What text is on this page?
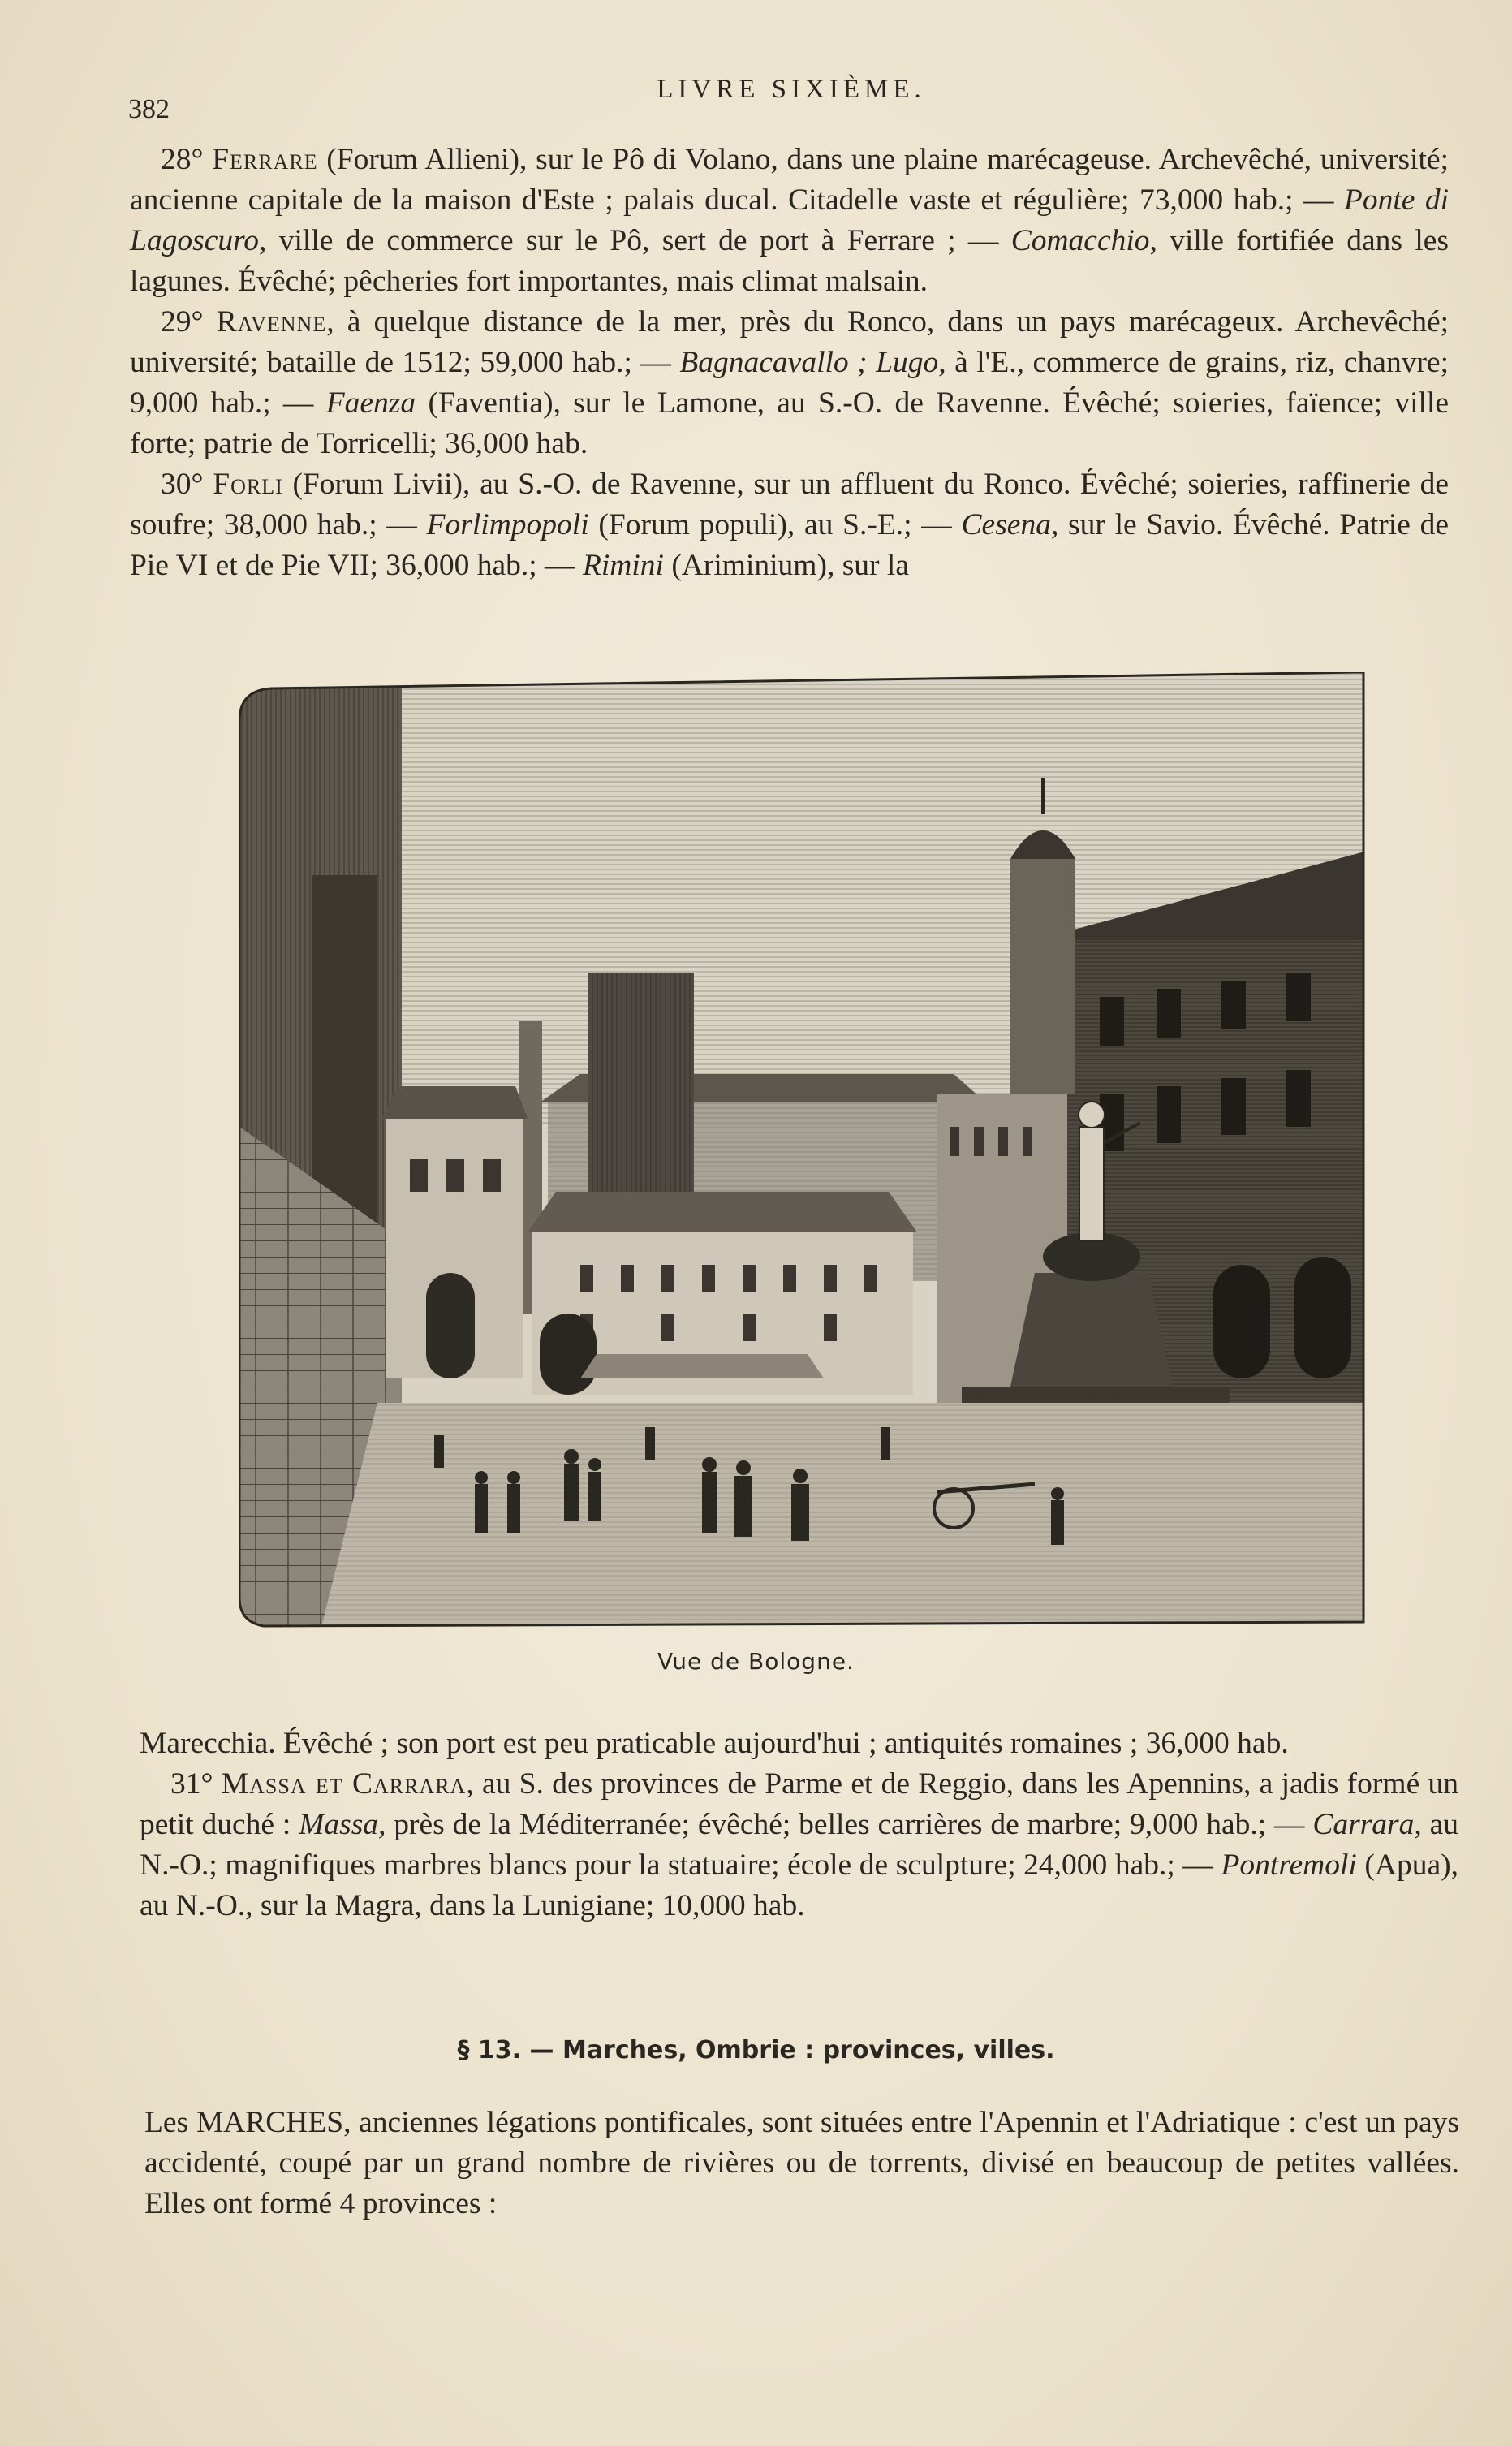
382
LIVRE SIXIÈME.

28° Ferrare (Forum Allieni), sur le Pô di Volano, dans une plaine marécageuse. Archevêché, université; ancienne capitale de la maison d'Este ; palais ducal. Citadelle vaste et régulière; 73,000 hab.; — Ponte di Lagoscuro, ville de commerce sur le Pô, sert de port à Ferrare ; — Comacchio, ville fortifiée dans les lagunes. Évêché; pêcheries fort importantes, mais climat malsain.

29° Ravenne, à quelque distance de la mer, près du Ronco, dans un pays marécageux. Archevêché; université; bataille de 1512; 59,000 hab.; — Bagnacavallo ; Lugo, à l'E., commerce de grains, riz, chanvre; 9,000 hab.; — Faenza (Faventia), sur le Lamone, au S.-O. de Ravenne. Évêché; soieries, faïence; ville forte; patrie de Torricelli; 36,000 hab.

30° Forli (Forum Livii), au S.-O. de Ravenne, sur un affluent du Ronco. Évêché; soieries, raffinerie de soufre; 38,000 hab.; — Forlimpopoli (Forum populi), au S.-E.; — Cesena, sur le Savio. Évêché. Patrie de Pie VI et de Pie VII; 36,000 hab.; — Rimini (Ariminium), sur la

Vue de Bologne.

Marecchia. Évêché ; son port est peu praticable aujourd'hui ; antiquités romaines ; 36,000 hab.

31° Massa et Carrara, au S. des provinces de Parme et de Reggio, dans les Apennins, a jadis formé un petit duché : Massa, près de la Méditerranée; évêché; belles carrières de marbre; 9,000 hab.; — Carrara, au N.-O.; magnifiques marbres blancs pour la statuaire; école de sculpture; 24,000 hab.; — Pontremoli (Apua), au N.-O., sur la Magra, dans la Lunigiane; 10,000 hab.

§ 13. — Marches, Ombrie : provinces, villes.

Les MARCHES, anciennes légations pontificales, sont situées entre l'Apennin et l'Adriatique : c'est un pays accidenté, coupé par un grand nombre de rivières ou de torrents, divisé en beaucoup de petites vallées. Elles ont formé 4 provinces :
